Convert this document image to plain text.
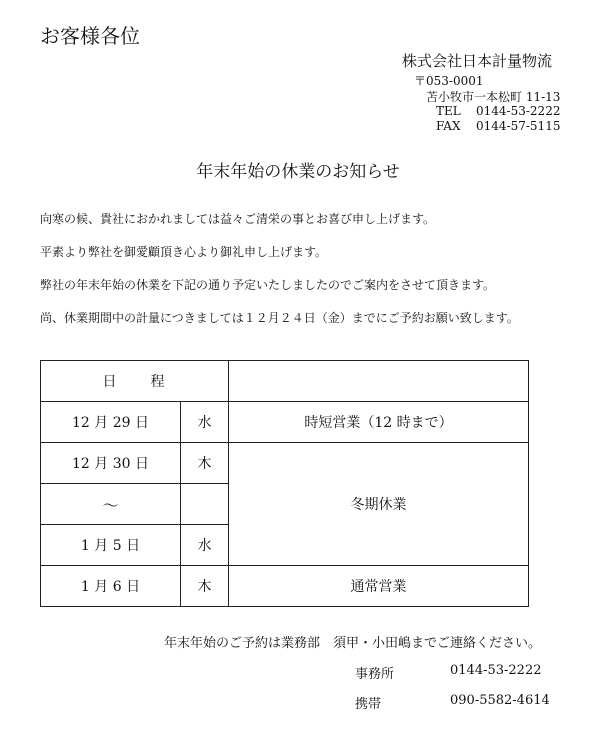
お客様各位
株式会社日本計量物流
〒053-0001
苫小牧市一本松町 11-13
TEL 0144-53-2222
FAX 0144-57-5115
年末年始の休業のお知らせ
向寒の候、貴社におかれましては益々ご清栄の事とお喜び申し上げます。
平素より弊社を御愛顧頂き心より御礼申し上げます。
弊社の年末年始の休業を下記の通り予定いたしましたのでご案内をさせて頂きます。
尚、休業期間中の計量につきましては１２月２４日（金）までにご予約お願い致します。
日　　程		
12 月 29 日	水	時短営業（12 時まで）
12 月 30 日	木	冬期休業
～		
1 月 5 日	水	
1 月 6 日	木	通常営業
年末年始のご予約は業務部　須甲・小田嶋までご連絡ください。
事務所	0144-53-2222
携帯	090-5582-4614
